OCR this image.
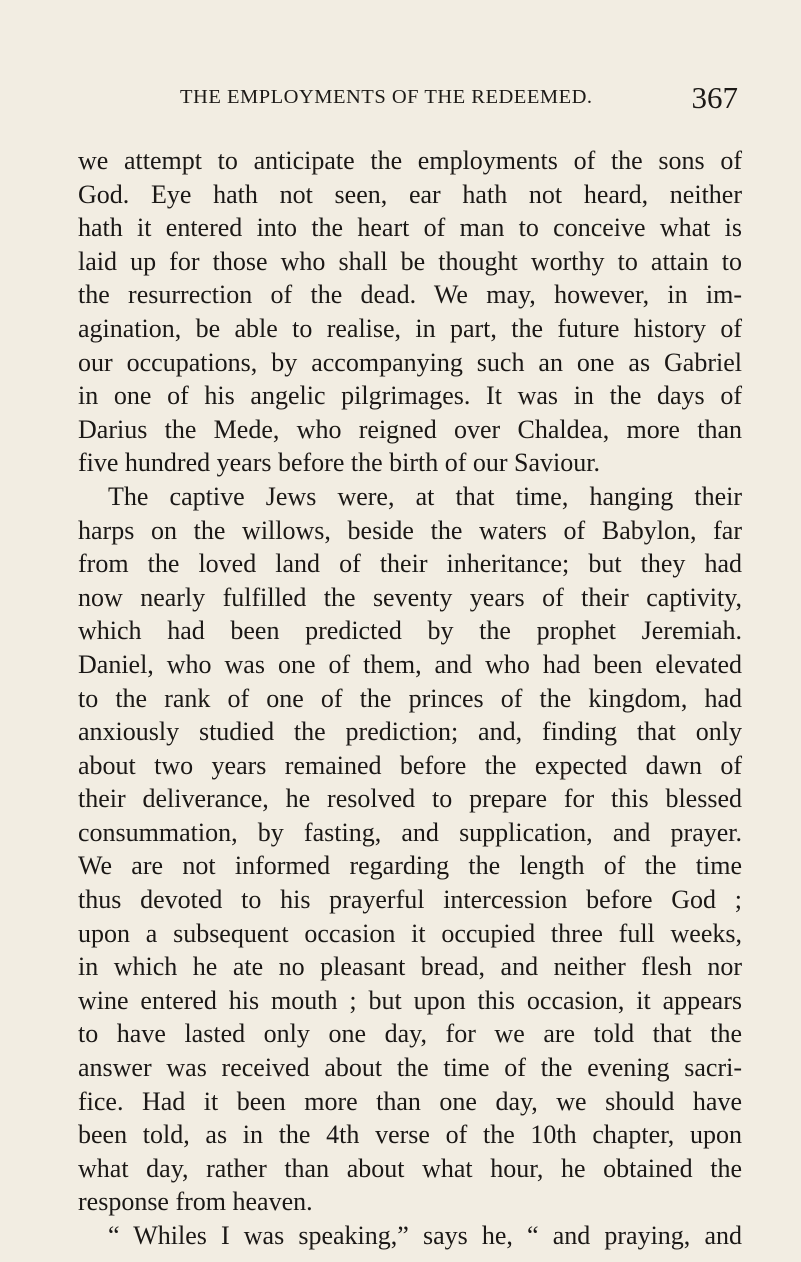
THE EMPLOYMENTS OF THE REDEEMED.	367
we attempt to anticipate the employments of the sons of
God. Eye hath not seen, ear hath not heard, neither
hath it entered into the heart of man to conceive what is
laid up for those who shall be thought worthy to attain to
the resurrection of the dead. We may, however, in im-
agination, be able to realise, in part, the future history of
our occupations, by accompanying such an one as Gabriel
in one of his angelic pilgrimages. It was in the days of
Darius the Mede, who reigned over Chaldea, more than
five hundred years before the birth of our Saviour.
The captive Jews were, at that time, hanging their
harps on the willows, beside the waters of Babylon, far
from the loved land of their inheritance; but they had
now nearly fulfilled the seventy years of their captivity,
which had been predicted by the prophet Jeremiah.
Daniel, who was one of them, and who had been elevated
to the rank of one of the princes of the kingdom, had
anxiously studied the prediction; and, finding that only
about two years remained before the expected dawn of
their deliverance, he resolved to prepare for this blessed
consummation, by fasting, and supplication, and prayer.
We are not informed regarding the length of the time
thus devoted to his prayerful intercession before God ;
upon a subsequent occasion it occupied three full weeks,
in which he ate no pleasant bread, and neither flesh nor
wine entered his mouth ; but upon this occasion, it appears
to have lasted only one day, for we are told that the
answer was received about the time of the evening sacri-
fice. Had it been more than one day, we should have
been told, as in the 4th verse of the 10th chapter, upon
what day, rather than about what hour, he obtained the
response from heaven.
“ Whiles I was speaking,” says he, “ and praying, and
